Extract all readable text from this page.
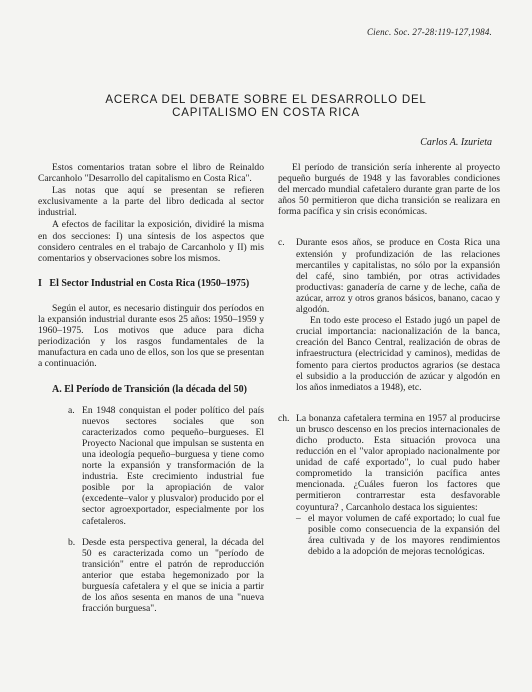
Cienc. Soc. 27-28:119-127,1984.
ACERCA DEL DEBATE SOBRE EL DESARROLLO DEL
CAPITALISMO EN COSTA RICA
Carlos A. Izurieta

Estos comentarios tratan sobre el libro de Reinaldo Carcanholo "Desarrollo del capitalismo en Costa Rica".

Las notas que aquí se presentan se refieren exclusivamente a la parte del libro dedicada al sector industrial.

A efectos de facilitar la exposición, dividiré la misma en dos secciones: I) una síntesis de los aspectos que considero centrales en el trabajo de Carcanholo y II) mis comentarios y observaciones sobre los mismos.

I El Sector Industrial en Costa Rica (1950–1975)

Según el autor, es necesario distinguir dos períodos en la expansión industrial durante esos 25 años: 1950–1959 y 1960–1975. Los motivos que aduce para dicha periodización y los rasgos fundamentales de la manufactura en cada uno de ellos, son los que se presentan a continuación.

A. El Período de Transición (la década del 50)
a. En 1948 conquistan el poder político del país nuevos sectores sociales que son caracterizados como pequeño–burgueses. El Proyecto Nacional que impulsan se sustenta en una ideología pequeño–burguesa y tiene como norte la expansión y transformación de la industria. Este crecimiento industrial fue posible por la apropiación de valor (excedente–valor y plusvalor) producido por el sector agroexportador, especialmente por los cafetaleros.
b. Desde esta perspectiva general, la década del 50 es caracterizada como un "período de transición" entre el patrón de reproducción anterior que estaba hegemonizado por la burguesía cafetalera y el que se inicia a partir de los años sesenta en manos de una "nueva fracción burguesa".

El período de transición sería inherente al proyecto pequeño burgués de 1948 y las favorables condiciones del mercado mundial cafetalero durante gran parte de los años 50 permitieron que dicha transición se realizara en forma pacífica y sin crisis económicas.

c.	Durante esos años, se produce en Costa Rica una extensión y profundización de las relaciones mercantiles y capitalistas, no sólo por la expansión del café, sino también, por otras actividades productivas: ganadería de carne y de leche, caña de azúcar, arroz y otros granos básicos, banano, cacao y algodón.

En todo este proceso el Estado jugó un papel de crucial importancia: nacionalización de la banca, creación del Banco Central, realización de obras de infraestructura (electricidad y caminos), medidas de fomento para ciertos productos agrarios (se destaca el subsidio a la producción de azúcar y algodón en los años inmediatos a 1948), etc.

ch. La bonanza cafetalera termina en 1957 al producirse un brusco descenso en los precios internacionales de dicho producto. Esta situación provoca una reducción en el "valor apropiado nacionalmente por unidad de café exportado", lo cual pudo haber comprometido la transición pacífica antes mencionada. ¿Cuáles fueron los factores que permitieron contrarrestar esta desfavorable coyuntura? , Carcanholo destaca los siguientes:

– el mayor volumen de café exportado; lo cual fue posible como consecuencia de la expansión del área cultivada y de los mayores rendimientos debido a la adopción de mejoras tecnológicas.
